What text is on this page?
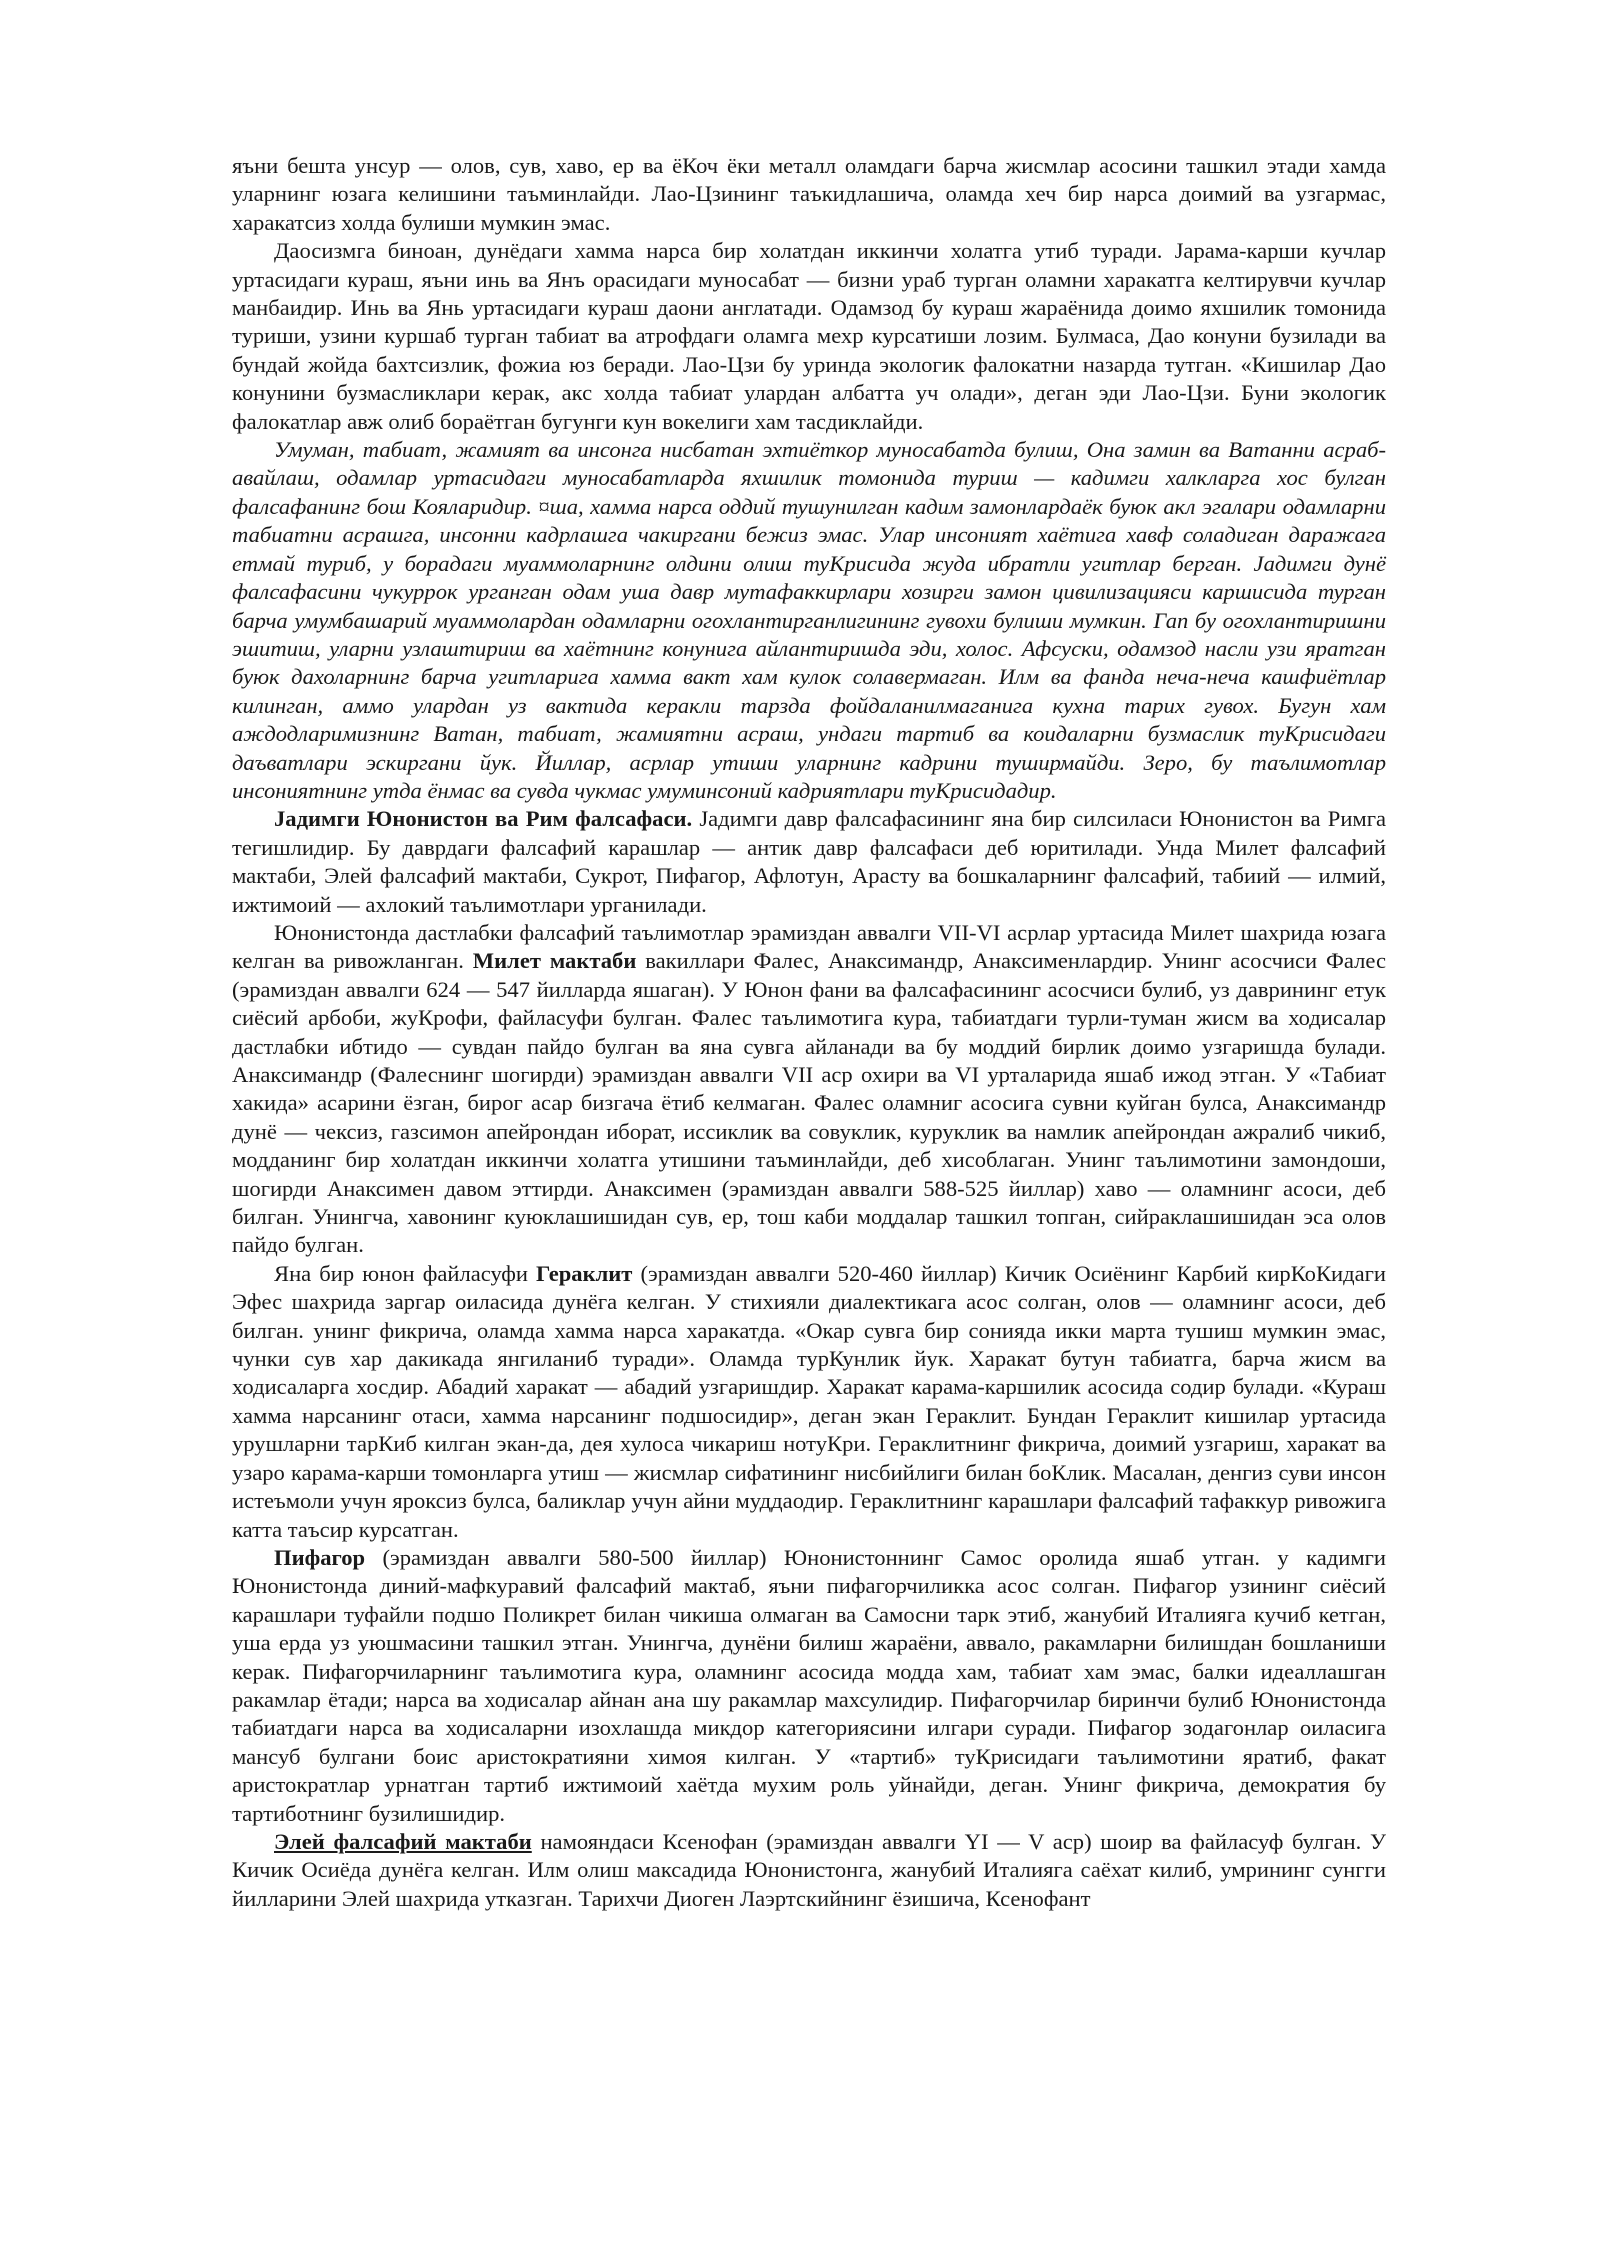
яъни бешта унсур — олов, сув, хаво, ер ва ёКоч ёки металл оламдаги барча жисмлар асосини ташкил этади хамда уларнинг юзага келишини таъминлайди. Лао-Цзининг таъкидлашича, оламда хеч бир нарса доимий ва узгармас, харакатсиз холда булиши мумкин эмас.

Даосизмга биноан, дунёдаги хамма нарса бир холатдан иккинчи холатга утиб туради. Јарама-карши кучлар уртасидаги кураш, яъни инь ва Янъ орасидаги муносабат — бизни ураб турган оламни харакатга келтирувчи кучлар манбаидир. Инь ва Янь уртасидаги кураш даони англатади. Одамзод бу кураш жараёнида доимо яхшилик томонида туриши, узини куршаб турган табиат ва атрофдаги оламга мехр курсатиши лозим. Булмаса, Дао конуни бузилади ва бундай жойда бахтсизлик, фожиа юз беради. Лао-Цзи бу уринда экологик фалокатни назарда тутган. «Кишилар Дао конунини бузмасликлари керак, акс холда табиат улардан албатта уч олади», деган эди Лао-Цзи. Буни экологик фалокатлар авж олиб бораётган бугунги кун вокелиги хам тасдиклайди.

Умуман, табиат, жамият ва инсонга нисбатан эхтиёткор муносабатда булиш, Она замин ва Ватанни асраб-авайлаш, одамлар уртасидаги муносабатларда яхшилик томонида туриш — кадимги халкларга хос булган фалсафанинг бош Кояларидир. ¤ша, хамма нарса оддий тушунилган кадим замонлардаёк буюк акл эгалари одамларни табиатни асрашга, инсонни кадрлашга чакиргани бежиз эмас. Улар инсоният хаётига хавф соладиган даражага етмай туриб, у борадаги муаммоларнинг олдини олиш туКрисида жуда ибратли угитлар берган. Јадимги дунё фалсафасини чукуррок урганган одам уша давр мутафаккирлари хозирги замон цивилизацияси каршисида турган барча умумбашарий муаммолардан одамларни огохлантирганлигининг гувохи булиши мумкин. Гап бу огохлантиришни эшитиш, уларни узлаштириш ва хаётнинг конунига айлантиришда эди, холос. Афсуски, одамзод насли узи яратган буюк дахоларнинг барча угитларига хамма вакт хам кулок солавермаган. Илм ва фанда неча-неча кашфиётлар килинган, аммо улардан уз вактида керакли тарзда фойдаланилмаганига кухна тарих гувох. Бугун хам аждодларимизнинг Ватан, табиат, жамиятни асраш, ундаги тартиб ва коидаларни бузмаслик туКрисидаги даъватлари эскиргани йук. Йиллар, асрлар утиши уларнинг кадрини туширмайди. Зеро, бу таълимотлар инсониятнинг утда ёнмас ва сувда чукмас умуминсоний кадриятлари туКрисидадир.

Јадимги Юнонистон ва Рим фалсафаси. Јадимги давр фалсафасининг яна бир силсиласи Юнонистон ва Римга тегишлидир. Бу даврдаги фалсафий карашлар — антик давр фалсафаси деб юритилади. Унда Милет фалсафий мактаби, Элей фалсафий мактаби, Сукрот, Пифагор, Афлотун, Арасту ва бошкаларнинг фалсафий, табиий — илмий, ижтимоий — ахлокий таълимотлари урганилади.

Юнонистонда дастлабки фалсафий таълимотлар эрамиздан аввалги VII-VI асрлар уртасида Милет шахрида юзага келган ва ривожланган. Милет мактаби вакиллари Фалес, Анаксимандр, Анаксименлардир. Унинг асосчиси Фалес (эрамиздан аввалги 624 — 547 йилларда яшаган). У Юнон фани ва фалсафасининг асосчиси булиб, уз даврининг етук сиёсий арбоби, жуКрофи, файласуфи булган. Фалес таълимотига кура, табиатдаги турли-туман жисм ва ходисалар дастлабки ибтидо — сувдан пайдо булган ва яна сувга айланади ва бу моддий бирлик доимо узгаришда булади. Анаксимандр (Фалеснинг шогирди) эрамиздан аввалги VII аср охири ва VI урталарида яшаб ижод этган. У «Табиат хакида» асарини ёзган, бирог асар бизгача ётиб келмаган. Фалес оламниг асосига сувни куйган булса, Анаксимандр дунё — чексиз, газсимон апейрондан иборат, иссиклик ва совуклик, куруклик ва намлик апейрондан ажралиб чикиб, модданинг бир холатдан иккинчи холатга утишини таъминлайди, деб хисоблаган. Унинг таълимотини замондоши, шогирди Анаксимен давом эттирди. Анаксимен (эрамиздан аввалги 588-525 йиллар) хаво — оламнинг асоси, деб билган. Унингча, хавонинг куюклашишидан сув, ер, тош каби моддалар ташкил топган, сийраклашишидан эса олов пайдо булган.

Яна бир юнон файласуфи Гераклит (эрамиздан аввалги 520-460 йиллар) Кичик Осиёнинг Карбий кирКоКидаги Эфес шахрида заргар оиласида дунёга келган. У стихияли диалектикага асос солган, олов — оламнинг асоси, деб билган. унинг фикрича, оламда хамма нарса харакатда. «Окар сувга бир сонияда икки марта тушиш мумкин эмас, чунки сув хар дакикада янгиланиб туради». Оламда турКунлик йук. Харакат бутун табиатга, барча жисм ва ходисаларга хосдир. Абадий харакат — абадий узгаришдир. Харакат карама-каршилик асосида содир булади. «Кураш хамма нарсанинг отаси, хамма нарсанинг подшосидир», деган экан Гераклит. Бундан Гераклит кишилар уртасида урушларни тарКиб килган экан-да, дея хулоса чикариш нотуКри. Гераклитнинг фикрича, доимий узгариш, харакат ва узаро карама-карши томонларга утиш — жисмлар сифатининг нисбийлиги билан боКлик. Масалан, денгиз суви инсон истеъмоли учун яроксиз булса, баликлар учун айни муддаодир. Гераклитнинг карашлари фалсафий тафаккур ривожига катта таъсир курсатган.

Пифагор (эрамиздан аввалги 580-500 йиллар) Юнонистоннинг Самос оролида яшаб утган. у кадимги Юнонистонда диний-мафкуравий фалсафий мактаб, яъни пифагорчиликка асос солган. Пифагор узининг сиёсий карашлари туфайли подшо Поликрет билан чикиша олмаган ва Самосни тарк этиб, жанубий Италияга кучиб кетган, уша ерда уз уюшмасини ташкил этган. Унингча, дунёни билиш жараёни, аввало, ракамларни билишдан бошланиши керак. Пифагорчиларнинг таълимотига кура, оламнинг асосида модда хам, табиат хам эмас, балки идеаллашган ракамлар ётади; нарса ва ходисалар айнан ана шу ракамлар махсулидир. Пифагорчилар биринчи булиб Юнонистонда табиатдаги нарса ва ходисаларни изохлашда микдор категориясини илгари суради. Пифагор зодагонлар оиласига мансуб булгани боис аристократияни химоя килган. У «тартиб» туКрисидаги таълимотини яратиб, факат аристократлар урнатган тартиб ижтимоий хаётда мухим роль уйнайди, деган. Унинг фикрича, демократия бу тартиботнинг бузилишидир.

Элей фалсафий мактаби намояндаси Ксенофан (эрамиздан аввалги YI — V аср) шоир ва файласуф булган. У Кичик Осиёда дунёга келган. Илм олиш максадида Юнонистонга, жанубий Италияга саёхат килиб, умрининг сунгги йилларини Элей шахрида утказган. Тарихчи Диоген Лаэртскийнинг ёзишича, Ксенофант
